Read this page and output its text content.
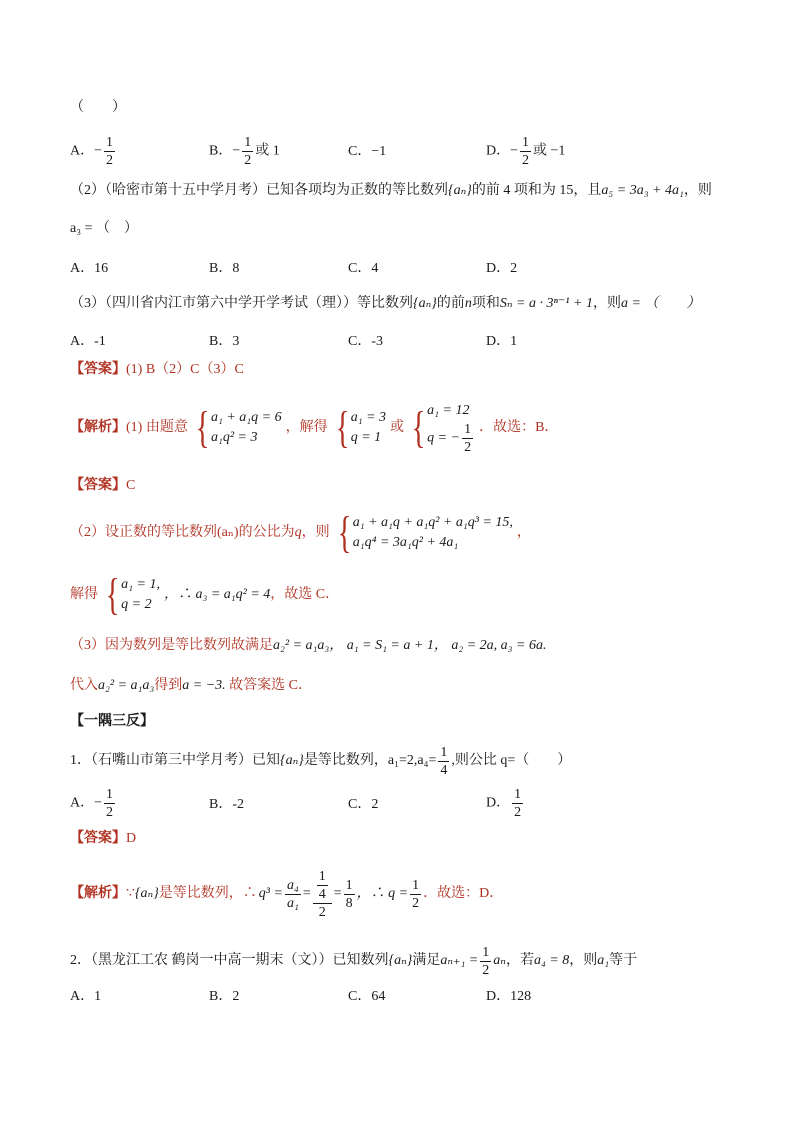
（　　）
A．− $\frac{1}{2}$	B．− $\frac{1}{2}$ 或 1	C．−1	D．− $\frac{1}{2}$ 或 −1
（2）（哈密市第十五中学月考）已知各项均为正数的等比数列{aₙ}的前 4 项和为 15，且a₅ = 3a₃ + 4a₁，则
a₃ = （　）
A．16	B．8	C．4	D．2
（3）（四川省内江市第六中学开学考试（理））等比数列{aₙ}的前n项和Sₙ = a · 3ⁿ⁻¹ + 1，则a = （　　）
A．-1	B．3	C．-3	D．1
【答案】(1) B（2）C（3）C
【解析】 (1) 由题意 { a₁ + a₁q = 6
a₁q² = 3
，解得 { a₁ = 3
q = 1
或 { a₁ = 12
q = − $\frac{1}{2}$ ．故选：B．
【答案】C
（2）设正数的等比数列(aₙ)的公比为 q ，则 { a₁ + a₁q + a₁q² + a₁q³ = 15,
a₁q⁴ = 3a₁q² + 4a₁
，
解得 { a₁ = 1,
q = 2
，∴ a₃ = a₁q² = 4 ，故选 C．
（3）因为数列是等比数列故满足a₂² = a₁a₃， a₁ = S₁ = a + 1， a₂ = 2a, a₃ = 6a.
代入a₂² = a₁a₃得到a = −3. 故答案选 C．
【一隅三反】
1．（石嘴山市第三中学月考）已知 {aₙ} 是等比数列，$a_1=2,a_4= \frac{1}{4}$ ,则公比 q=（　　）
A．− $\frac{1}{2}$	B．-2	C．2	D． $\frac{1}{2}$
【答案】D
【解析】 ∵ {aₙ} 是等比数列，∴ $q^3 = \frac{\text{a₄}}{\text{a₁}} = \frac{\frac{1}{4}}{2} = \frac{1}{8}$ ，∴ $q = \frac{1}{2}$ ．故选：D．
2．（黑龙江工农 鹤岗一中高一期末（文））已知数列 {aₙ} 满足 $a_{n+1} = \frac{1}{2}$ aₙ ，若 a₄ = 8 ，则 a₁ 等于
A．1	B．2	C．64	D．128
